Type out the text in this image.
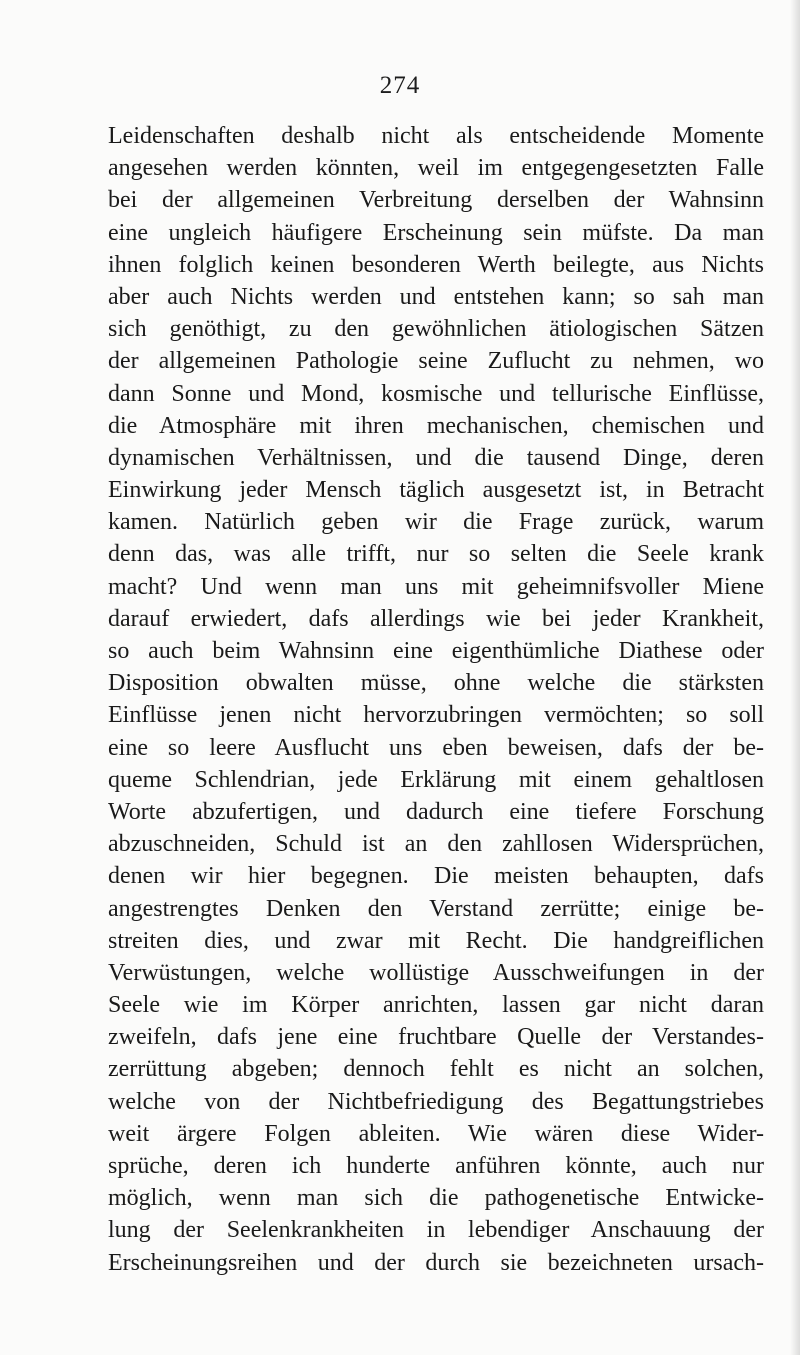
274
Leidenschaften deshalb nicht als entscheidende Momente
angesehen werden könnten, weil im entgegengesetzten Falle
bei der allgemeinen Verbreitung derselben der Wahnsinn
eine ungleich häufigere Erscheinung sein müfste. Da man
ihnen folglich keinen besonderen Werth beilegte, aus Nichts
aber auch Nichts werden und entstehen kann; so sah man
sich genöthigt, zu den gewöhnlichen ätiologischen Sätzen
der allgemeinen Pathologie seine Zuflucht zu nehmen, wo
dann Sonne und Mond, kosmische und tellurische Einflüsse,
die Atmosphäre mit ihren mechanischen, chemischen und
dynamischen Verhältnissen, und die tausend Dinge, deren
Einwirkung jeder Mensch täglich ausgesetzt ist, in Betracht
kamen. Natürlich geben wir die Frage zurück, warum
denn das, was alle trifft, nur so selten die Seele krank
macht? Und wenn man uns mit geheimnifsvoller Miene
darauf erwiedert, dafs allerdings wie bei jeder Krankheit,
so auch beim Wahnsinn eine eigenthümliche Diathese oder
Disposition obwalten müsse, ohne welche die stärksten
Einflüsse jenen nicht hervorzubringen vermöchten; so soll
eine so leere Ausflucht uns eben beweisen, dafs der be-
queme Schlendrian, jede Erklärung mit einem gehaltlosen
Worte abzufertigen, und dadurch eine tiefere Forschung
abzuschneiden, Schuld ist an den zahllosen Widersprüchen,
denen wir hier begegnen. Die meisten behaupten, dafs
angestrengtes Denken den Verstand zerrütte; einige be-
streiten dies, und zwar mit Recht. Die handgreiflichen
Verwüstungen, welche wollüstige Ausschweifungen in der
Seele wie im Körper anrichten, lassen gar nicht daran
zweifeln, dafs jene eine fruchtbare Quelle der Verstandes-
zerrüttung abgeben; dennoch fehlt es nicht an solchen,
welche von der Nichtbefriedigung des Begattungstriebes
weit ärgere Folgen ableiten. Wie wären diese Wider-
sprüche, deren ich hunderte anführen könnte, auch nur
möglich, wenn man sich die pathogenetische Entwicke-
lung der Seelenkrankheiten in lebendiger Anschauung der
Erscheinungsreihen und der durch sie bezeichneten ursach-
